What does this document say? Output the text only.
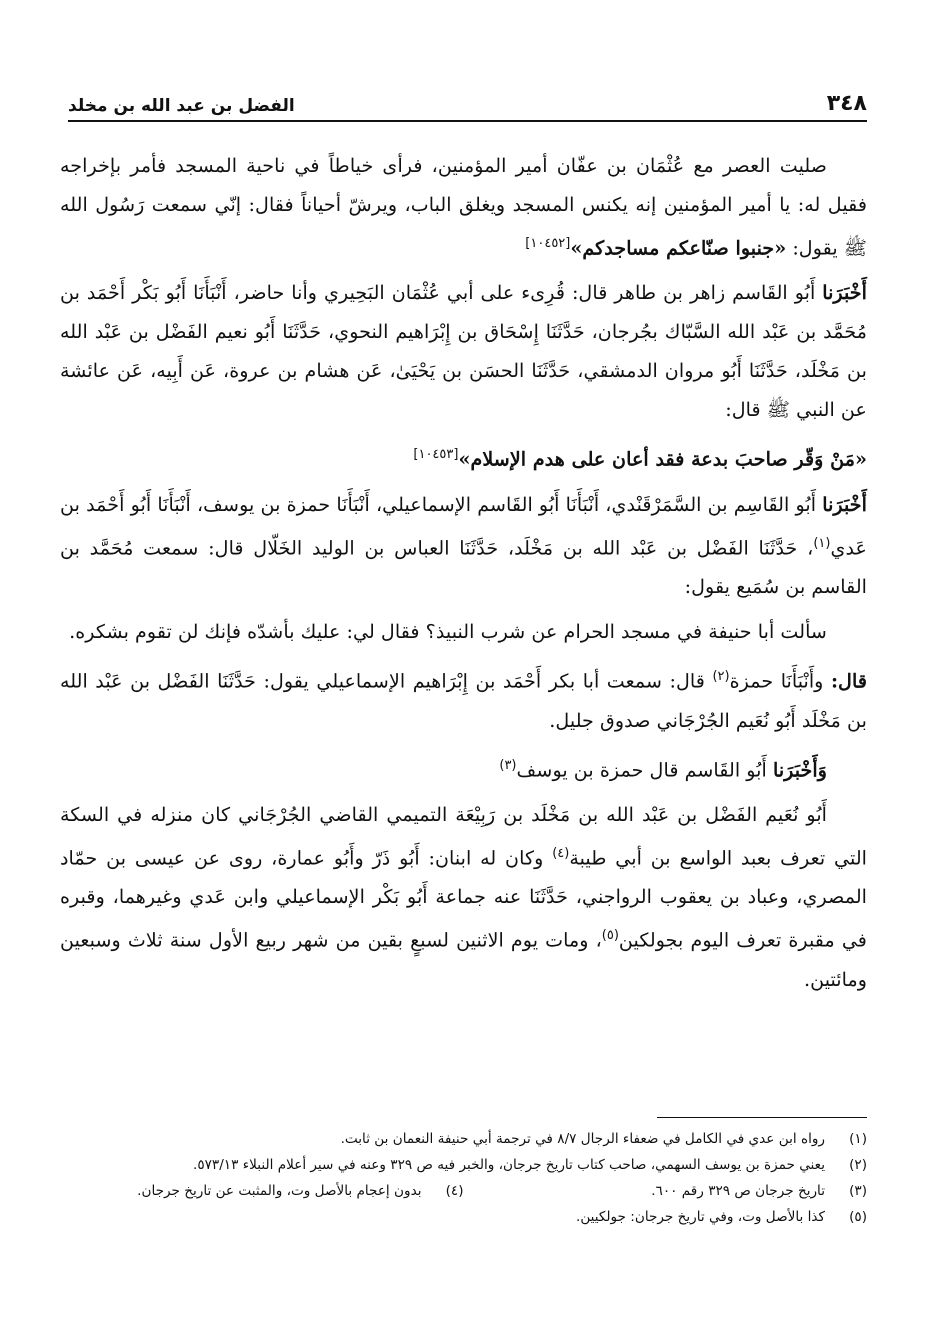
٣٤٨
الفضل بن عبد الله بن مخلد

صليت العصر مع عُثْمَان بن عفّان أمير المؤمنين، فرأى خياطاً في ناحية المسجد فأمر بإخراجه فقيل له: يا أمير المؤمنين إنه يكنس المسجد ويغلق الباب، ويرشّ أحياناً فقال: إنّي سمعت رَسُول الله ﷺ يقول: «جنبوا صنّاعكم مساجدكم»[١٠٤٥٢]

أَخْبَرَنا أَبُو القَاسم زاهر بن طاهر قال: قُرِىء على أبي عُثْمَان البَحِيري وأنا حاضر، أَنْبَأَنَا أَبُو بَكْر أَحْمَد بن مُحَمَّد بن عَبْد الله السَّبّاك بجُرجان، حَدَّثَنَا إِسْحَاق بن إِبْرَاهيم النحوي، حَدَّثَنَا أَبُو نعيم الفَضْل بن عَبْد الله بن مَخْلَد، حَدَّثَنَا أَبُو مروان الدمشقي، حَدَّثَنَا الحسَن بن يَحْيَىٰ، عَن هشام بن عروة، عَن أَبِيه، عَن عائشة عن النبي ﷺ قال:

«مَنْ وَقّر صاحبَ بدعة فقد أعان على هدم الإسلام»[١٠٤٥٣]

أَخْبَرَنا أَبُو القَاسِم بن السَّمَرْقَنْدي، أَنْبَأَنَا أَبُو القَاسم الإسماعيلي، أَنْبَأَنَا حمزة بن يوسف، أَنْبَأَنَا أَبُو أَحْمَد بن عَدي$^{(١)}$، حَدَّثَنَا الفَضْل بن عَبْد الله بن مَخْلَد، حَدَّثَنَا العباس بن الوليد الخَلّال قال: سمعت مُحَمَّد بن القاسم بن سُمَيع يقول:

سألت أبا حنيفة في مسجد الحرام عن شرب النبيذ؟ فقال لي: عليك بأشدّه فإنك لن تقوم بشكره.

قال: وأَنْبَأَنَا حمزة$^{(٢)}$ قال: سمعت أبا بكر أَحْمَد بن إِبْرَاهيم الإسماعيلي يقول: حَدَّثَنَا الفَضْل بن عَبْد الله بن مَخْلَد أَبُو نُعَيم الجُرْجَاني صدوق جليل.

وَأَخْبَرَنا أَبُو القَاسم قال حمزة بن يوسف$^{(٣)}$

أَبُو نُعَيم الفَضْل بن عَبْد الله بن مَخْلَد بن رَبِيْعَة التميمي القاضي الجُرْجَاني كان منزله في السكة التي تعرف بعبد الواسع بن أبي طيبة$^{(٤)}$ وكان له ابنان: أَبُو ذَرّ وأَبُو عمارة، روى عن عيسى بن حمّاد المصري، وعباد بن يعقوب الرواجني، حَدَّثَنَا عنه جماعة أَبُو بَكْر الإسماعيلي وابن عَدي وغيرهما، وقبره في مقبرة تعرف اليوم بجولكين$^{(٥)}$، ومات يوم الاثنين لسبعٍ بقين من شهر ربيع الأول سنة ثلاث وسبعين ومائتين.

(١)
رواه ابن عدي في الكامل في ضعفاء الرجال ٨/٧ في ترجمة أبي حنيفة النعمان بن ثابت.
(٢)
يعني حمزة بن يوسف السهمي، صاحب كتاب تاريخ جرجان، والخبر فيه ص ٣٢٩ وعنه في سير أعلام النبلاء ٥٧٣/١٣.
(٣)
تاريخ جرجان ص ٣٢٩ رقم ٦٠٠.
(٤)
بدون إعجام بالأصل وت، والمثبت عن تاريخ جرجان.
(٥)
كذا بالأصل وت، وفي تاريخ جرجان: جولكيين.
